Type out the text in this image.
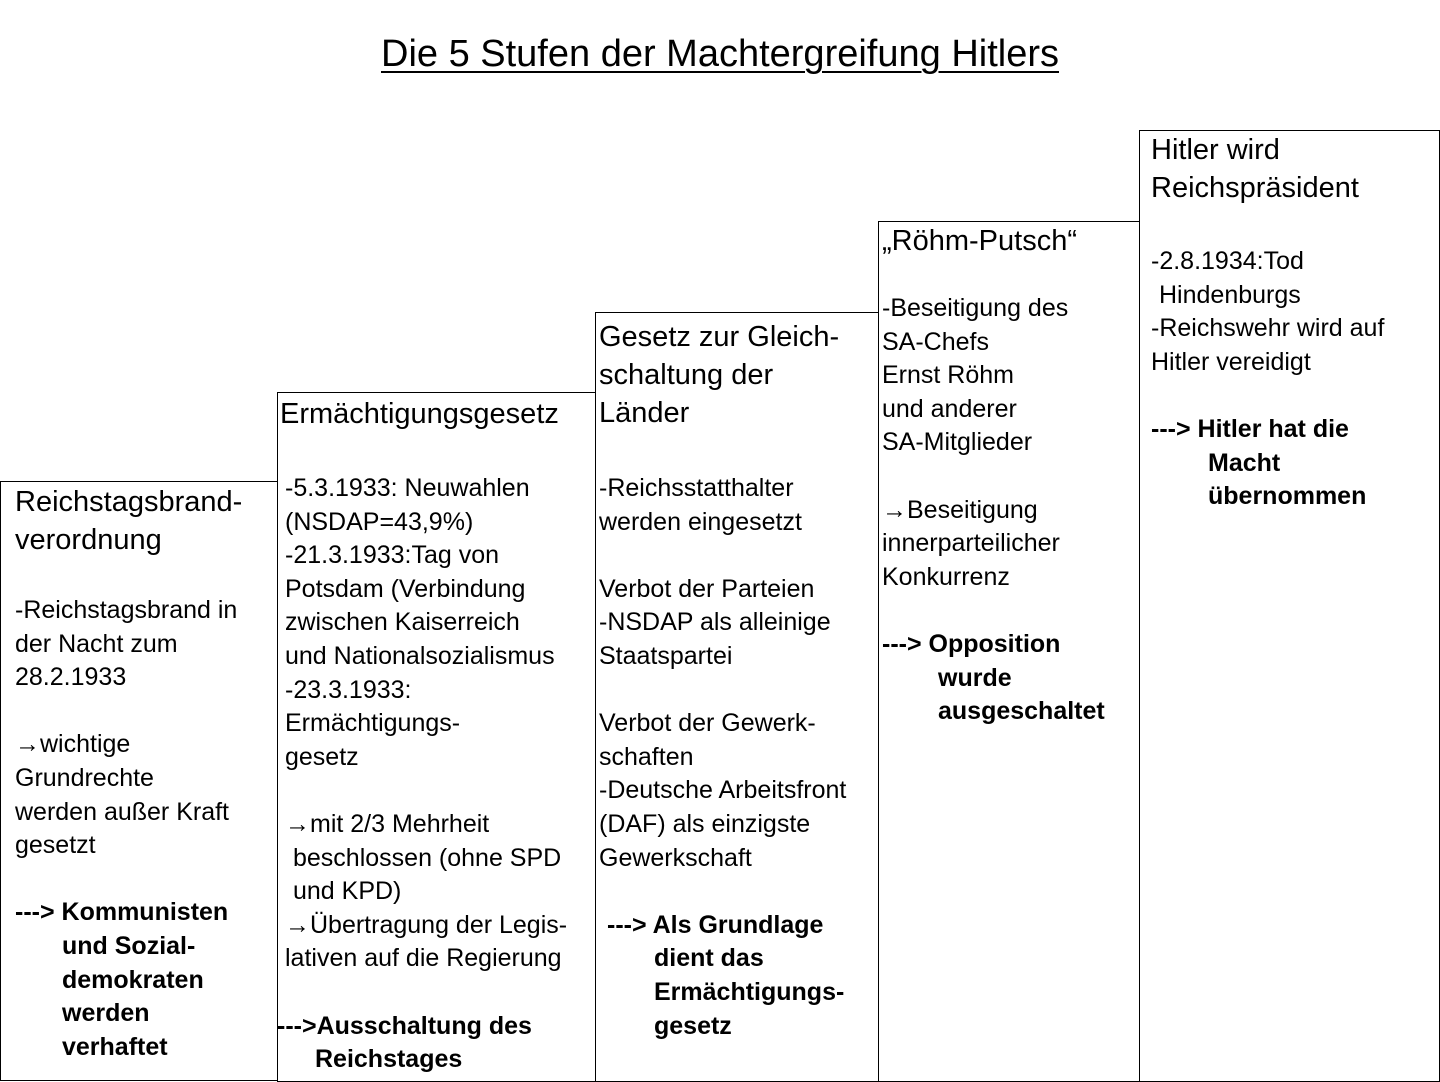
Die 5 Stufen der Machtergreifung Hitlers
Reichstagsbrand-
verordnung
-Reichstagsbrand in
der Nacht zum
28.2.1933
→wichtige
Grundrechte
werden außer Kraft
gesetzt
---> Kommunisten
und Sozial-
demokraten
werden
verhaftet
Ermächtigungsgesetz
-5.3.1933: Neuwahlen
(NSDAP=43,9%)
-21.3.1933:Tag von
Potsdam (Verbindung
zwischen Kaiserreich
und Nationalsozialismus
-23.3.1933:
Ermächtigungs-
gesetz
→mit 2/3 Mehrheit
beschlossen (ohne SPD
und KPD)
→Übertragung der Legis-
lativen auf die Regierung
--->Ausschaltung des
Reichstages
Gesetz zur Gleich-
schaltung der
Länder
-Reichsstatthalter
werden eingesetzt
Verbot der Parteien
-NSDAP als alleinige
Staatspartei
Verbot der Gewerk-
schaften
-Deutsche Arbeitsfront
(DAF) als einzigste
Gewerkschaft
---> Als Grundlage
dient das
Ermächtigungs-
gesetz
„Röhm-Putsch“
-Beseitigung des
SA-Chefs
Ernst Röhm
und anderer
SA-Mitglieder
→Beseitigung
innerparteilicher
Konkurrenz
---> Opposition
wurde
ausgeschaltet
Hitler wird
Reichspräsident
-2.8.1934:Tod
Hindenburgs
-Reichswehr wird auf
Hitler vereidigt
---> Hitler hat die
Macht
übernommen
